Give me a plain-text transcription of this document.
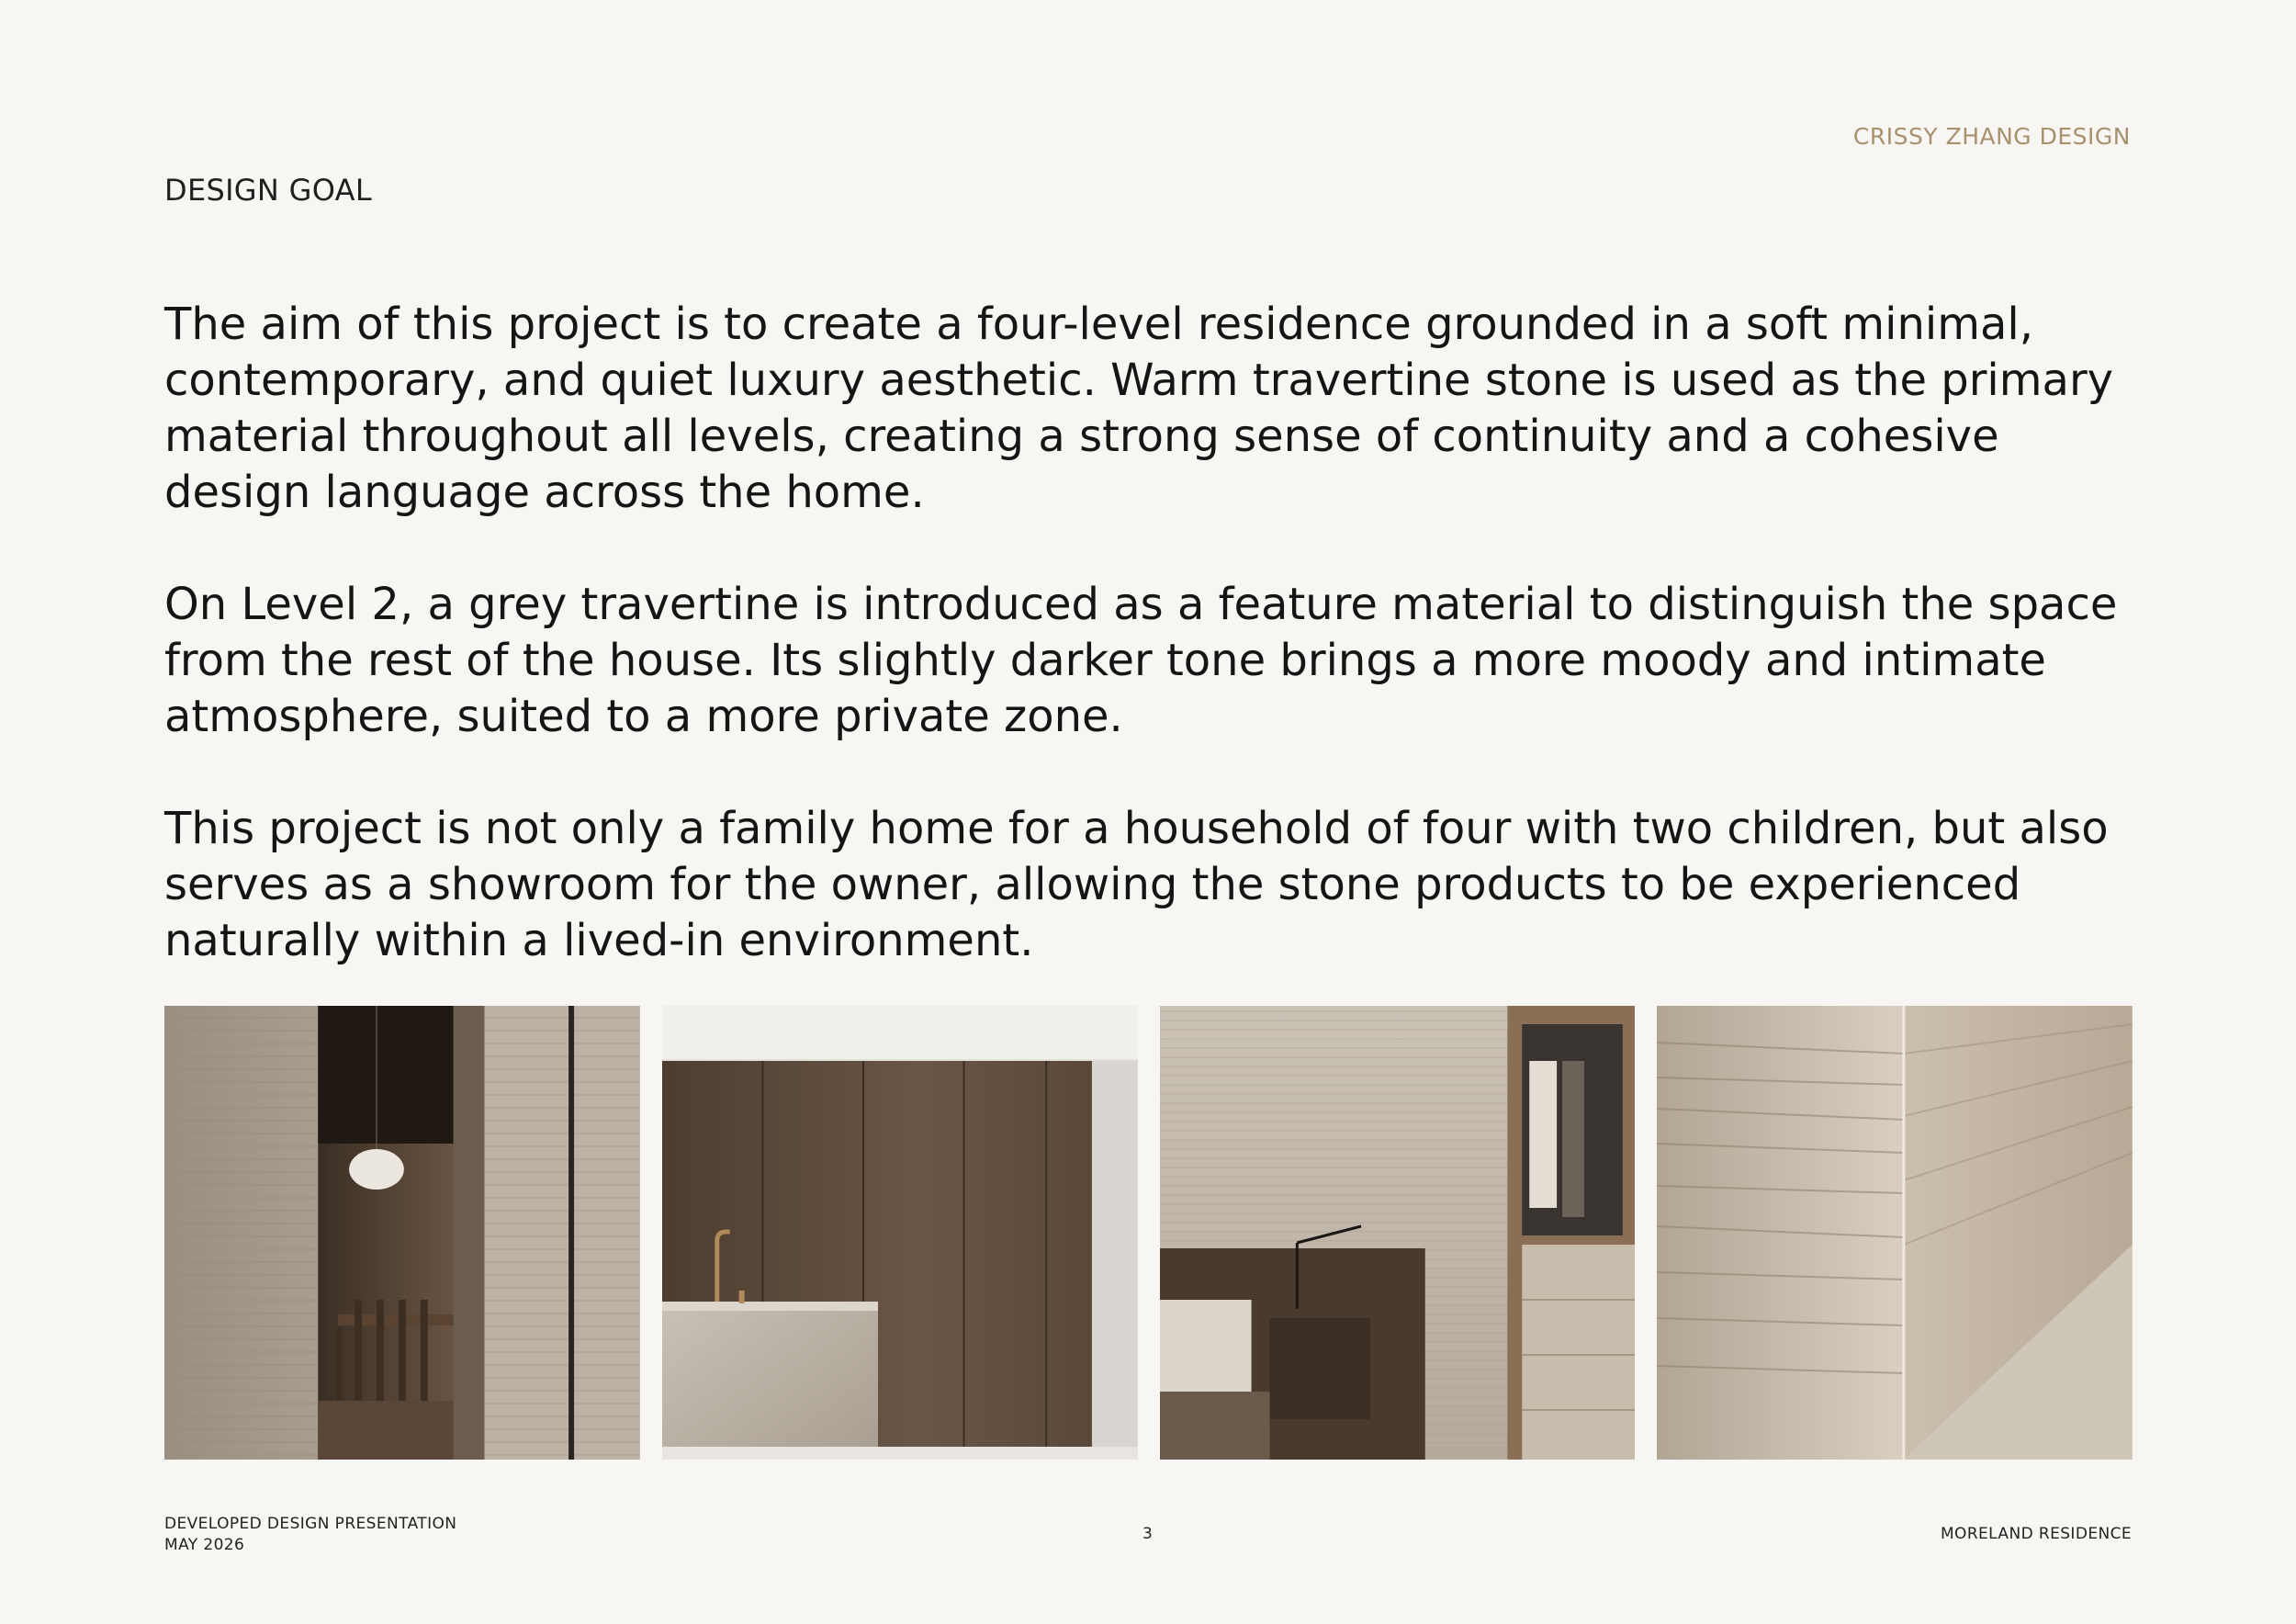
CRISSY ZHANG DESIGN
DESIGN GOAL

The aim of this project is to create a four-level residence grounded in a soft minimal, contemporary, and quiet luxury aesthetic. Warm travertine stone is used as the primary material throughout all levels, creating a strong sense of continuity and a cohesive design language across the home.

On Level 2, a grey travertine is introduced as a feature material to distinguish the space from the rest of the house. Its slightly darker tone brings a more moody and intimate atmosphere, suited to a more private zone.

This project is not only a family home for a household of four with two children, but also serves as a showroom for the owner, allowing the stone products to be experienced naturally within a lived-in environment.

DEVELOPED DESIGN PRESENTATION
MAY 2026
3	MORELAND RESIDENCE
